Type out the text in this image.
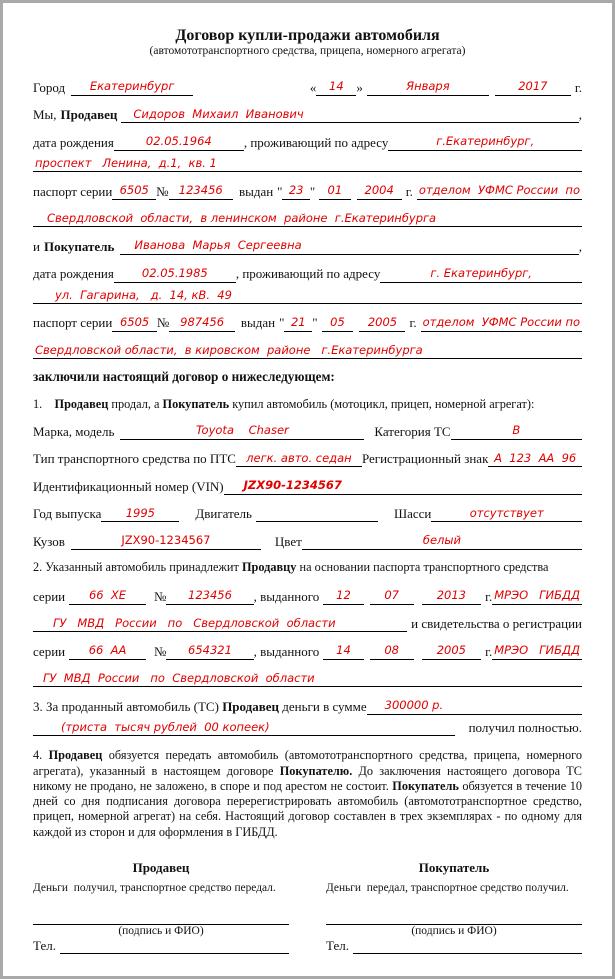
Договор купли-продажи автомобиля
(автомототранспортного средства, прицепа, номерного агрегата)
Город	Екатеринбург	«	14 »	Января	2017	г.
Мы, Продавец	Сидоров  Михаил  Иванович	,
дата рождения	02.05.1964	, проживающий по адресу	г.Екатеринбург,
проспект   Ленина,  д.1,  кв. 1
паспорт серии 6505 № 123456	выдан " 23 "	01	2004 г. отделом  УФМС России  по
Свердловской  области,  в ленинском  районе  г.Екатеринбурга
и Покупатель	Иванова  Марья  Сергеевна	,
дата рождения	02.05.1985	, проживающий по адресу	г. Екатеринбург,
ул.  Гагарина,   д.  14, кВ.  49
паспорт серии 6505 № 987456	выдан " 21 "	05	2005 г. отделом  УФМС России по
Свердловской области,  в кировском  районе   г.Екатеринбурга
заключили настоящий договор о нижеследующем:

1.    Продавец продал, а Покупатель купил автомобиль (мотоцикл, прицеп, номерной агрегат):

Марка, модель	Toyota    Chaser	Категория ТС	В
Тип транспортного средства по ПТС легк. авто. седан Регистрационный знак А  123  АА  96
Идентификационный номер (VIN)	JZX90-1234567
Год выпуска	1995	Двигатель	Шасси	отсутствует
Кузов	JZX90-1234567	Цвет	белый

2. Указанный автомобиль принадлежит Продавцу на основании паспорта транспортного средства

серии	66  ХЕ	№	123456	, выданного	12	07	2013	г. МРЭО   ГИБДД
ГУ   МВД   России   по   Свердловской  области	и свидетельства о регистрации
серии	66  АА	№	654321	, выданного	14	08	2005	г. МРЭО   ГИБДД
ГУ  МВД  России   по  Свердловской  области
3. За проданный автомобиль (ТС) Продавец деньги в сумме	300000 р.
(триста  тысяч рублей  00 копеек)	получил полностью.

4. Продавец обязуется передать автомобиль (автомототранспортного средства, прицепа, номерного агрегата), указанный в настоящем договоре Покупателю. До заключения настоящего договора ТС никому не продано, не заложено, в споре и под арестом не состоит. Покупатель обязуется в течение 10 дней со дня подписания договора перерегистрировать автомобиль (автомототранспортное средство, прицеп, номерной агрегат) на себя. Настоящий договор составлен в трех экземплярах - по одному для каждой из сторон и для оформления в ГИБДД.

Продавец
Деньги  получил, транспортное средство передал.
(подпись и ФИО)
Тел.
Покупатель
Деньги  передал, транспортное средство получил.
(подпись и ФИО)
Тел.
